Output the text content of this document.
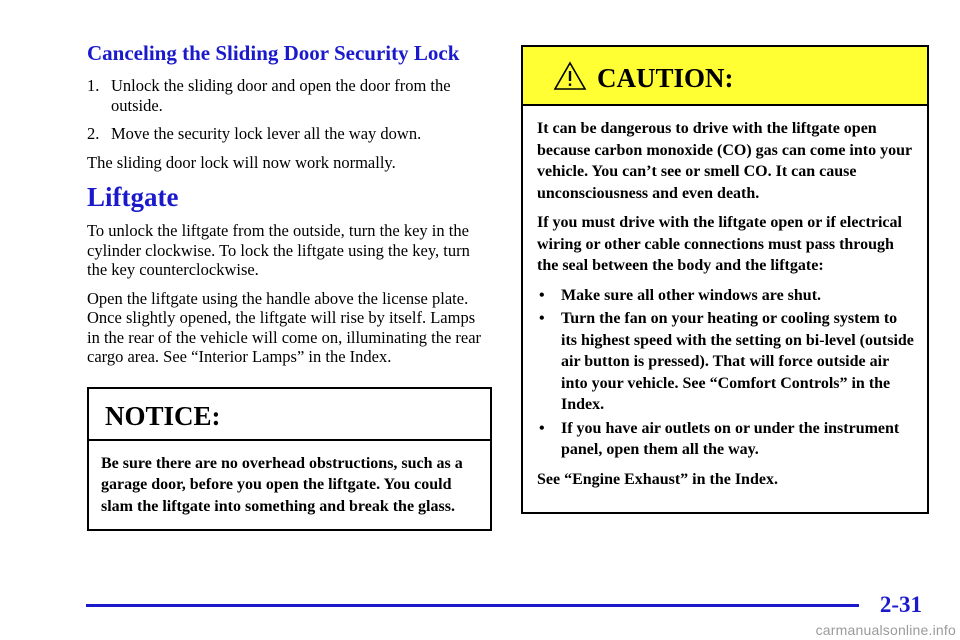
Canceling the Sliding Door Security Lock
1. Unlock the sliding door and open the door from the outside.
2. Move the security lock lever all the way down.

The sliding door lock will now work normally.

Liftgate

To unlock the liftgate from the outside, turn the key in the cylinder clockwise. To lock the liftgate using the key, turn the key counterclockwise.

Open the liftgate using the handle above the license plate. Once slightly opened, the liftgate will rise by itself. Lamps in the rear of the vehicle will come on, illuminating the rear cargo area. See “Interior Lamps” in the Index.

NOTICE:
Be sure there are no overhead obstructions, such as a garage door, before you open the liftgate. You could slam the liftgate into something and break the glass.
CAUTION:

It can be dangerous to drive with the liftgate open because carbon monoxide (CO) gas can come into your vehicle. You can’t see or smell CO. It can cause unconsciousness and even death.

If you must drive with the liftgate open or if electrical wiring or other cable connections must pass through the seal between the body and the liftgate:

•	Make sure all other windows are shut.
•	Turn the fan on your heating or cooling system to its highest speed with the setting on bi-level (outside air button is pressed). That will force outside air into your vehicle. See “Comfort Controls” in the Index.
•	If you have air outlets on or under the instrument panel, open them all the way.

See “Engine Exhaust” in the Index.

2-31
carmanualsonline.info
